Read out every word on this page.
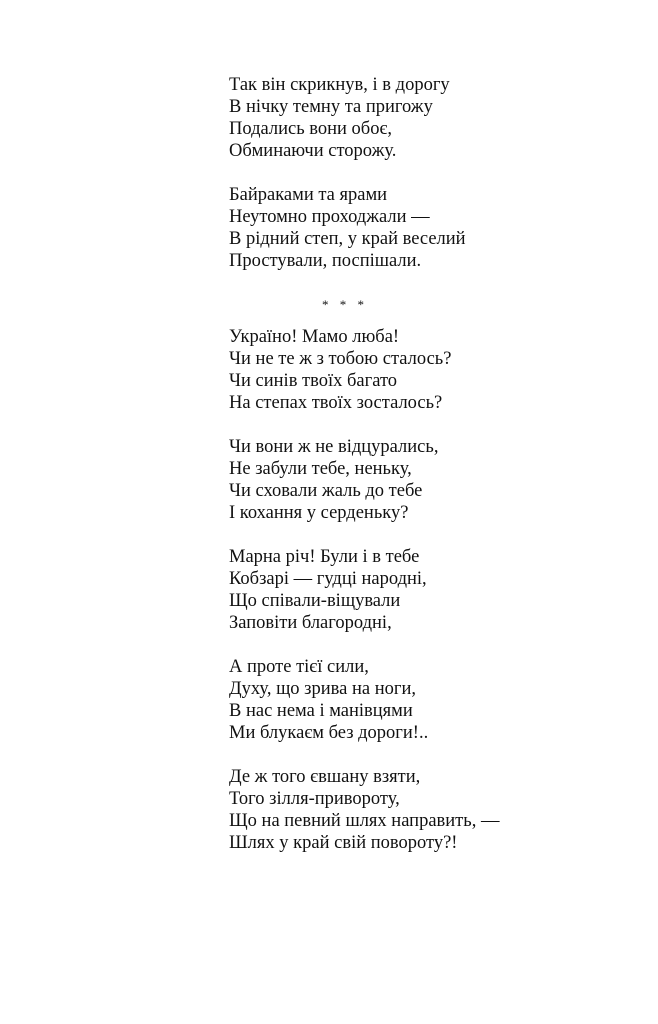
Так він скрикнув, і в дорогу
В нічку темну та пригожу
Подались вони обоє,
Обминаючи сторожу.
Байраками та ярами
Неутомно проходжали —
В рідний степ, у край веселий
Простували, поспішали.
* * *
Україно! Мамо люба!
Чи не те ж з тобою сталось?
Чи синів твоїх багато
На степах твоїх зосталось?
Чи вони ж не відцурались,
Не забули тебе, неньку,
Чи сховали жаль до тебе
І кохання у серденьку?
Марна річ! Були і в тебе
Кобзарі — гудці народні,
Що співали-віщували
Заповіти благородні,
А проте тієї сили,
Духу, що зрива на ноги,
В нас нема і манівцями
Ми блукаєм без дороги!..
Де ж того євшану взяти,
Того зілля-привороту,
Що на певний шлях направить, —
Шлях у край свій повороту?!
